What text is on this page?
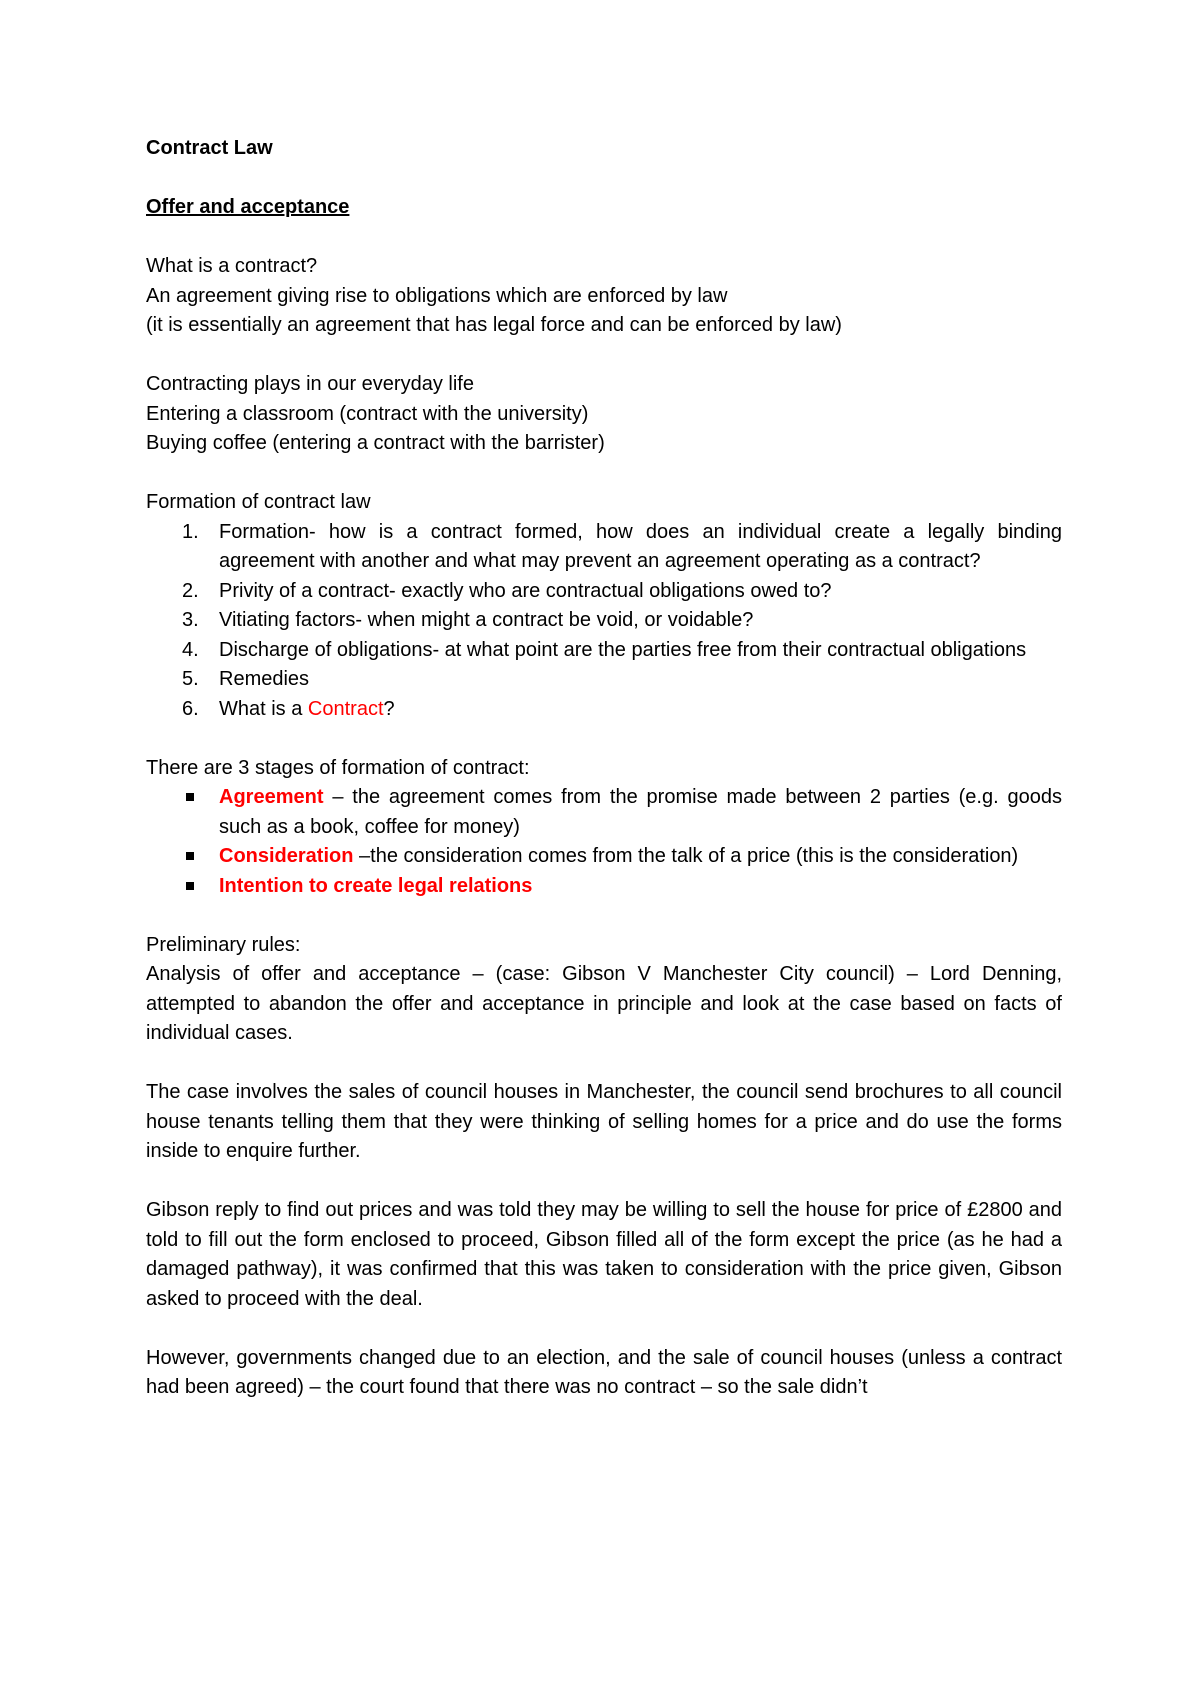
Contract Law

Offer and acceptance

What is a contract?

An agreement giving rise to obligations which are enforced by law

(it is essentially an agreement that has legal force and can be enforced by law)

Contracting plays in our everyday life

Entering a classroom (contract with the university)

Buying coffee (entering a contract with the barrister)

Formation of contract law

1. Formation- how is a contract formed, how does an individual create a legally binding agreement with another and what may prevent an agreement operating as a contract?
2. Privity of a contract- exactly who are contractual obligations owed to?
3. Vitiating factors- when might a contract be void, or voidable?
4. Discharge of obligations- at what point are the parties free from their contractual obligations
5. Remedies
6. What is a Contract?

There are 3 stages of formation of contract:

Agreement – the agreement comes from the promise made between 2 parties (e.g. goods such as a book, coffee for money)
Consideration –the consideration comes from the talk of a price (this is the consideration)
Intention to create legal relations

Preliminary rules:

Analysis of offer and acceptance – (case: Gibson V Manchester City council) – Lord Denning, attempted to abandon the offer and acceptance in principle and look at the case based on facts of individual cases.

The case involves the sales of council houses in Manchester, the council send brochures to all council house tenants telling them that they were thinking of selling homes for a price and do use the forms inside to enquire further.

Gibson reply to find out prices and was told they may be willing to sell the house for price of £2800 and told to fill out the form enclosed to proceed, Gibson filled all of the form except the price (as he had a damaged pathway), it was confirmed that this was taken to consideration with the price given, Gibson asked to proceed with the deal.

However, governments changed due to an election, and the sale of council houses (unless a contract had been agreed) – the court found that there was no contract – so the sale didn’t
